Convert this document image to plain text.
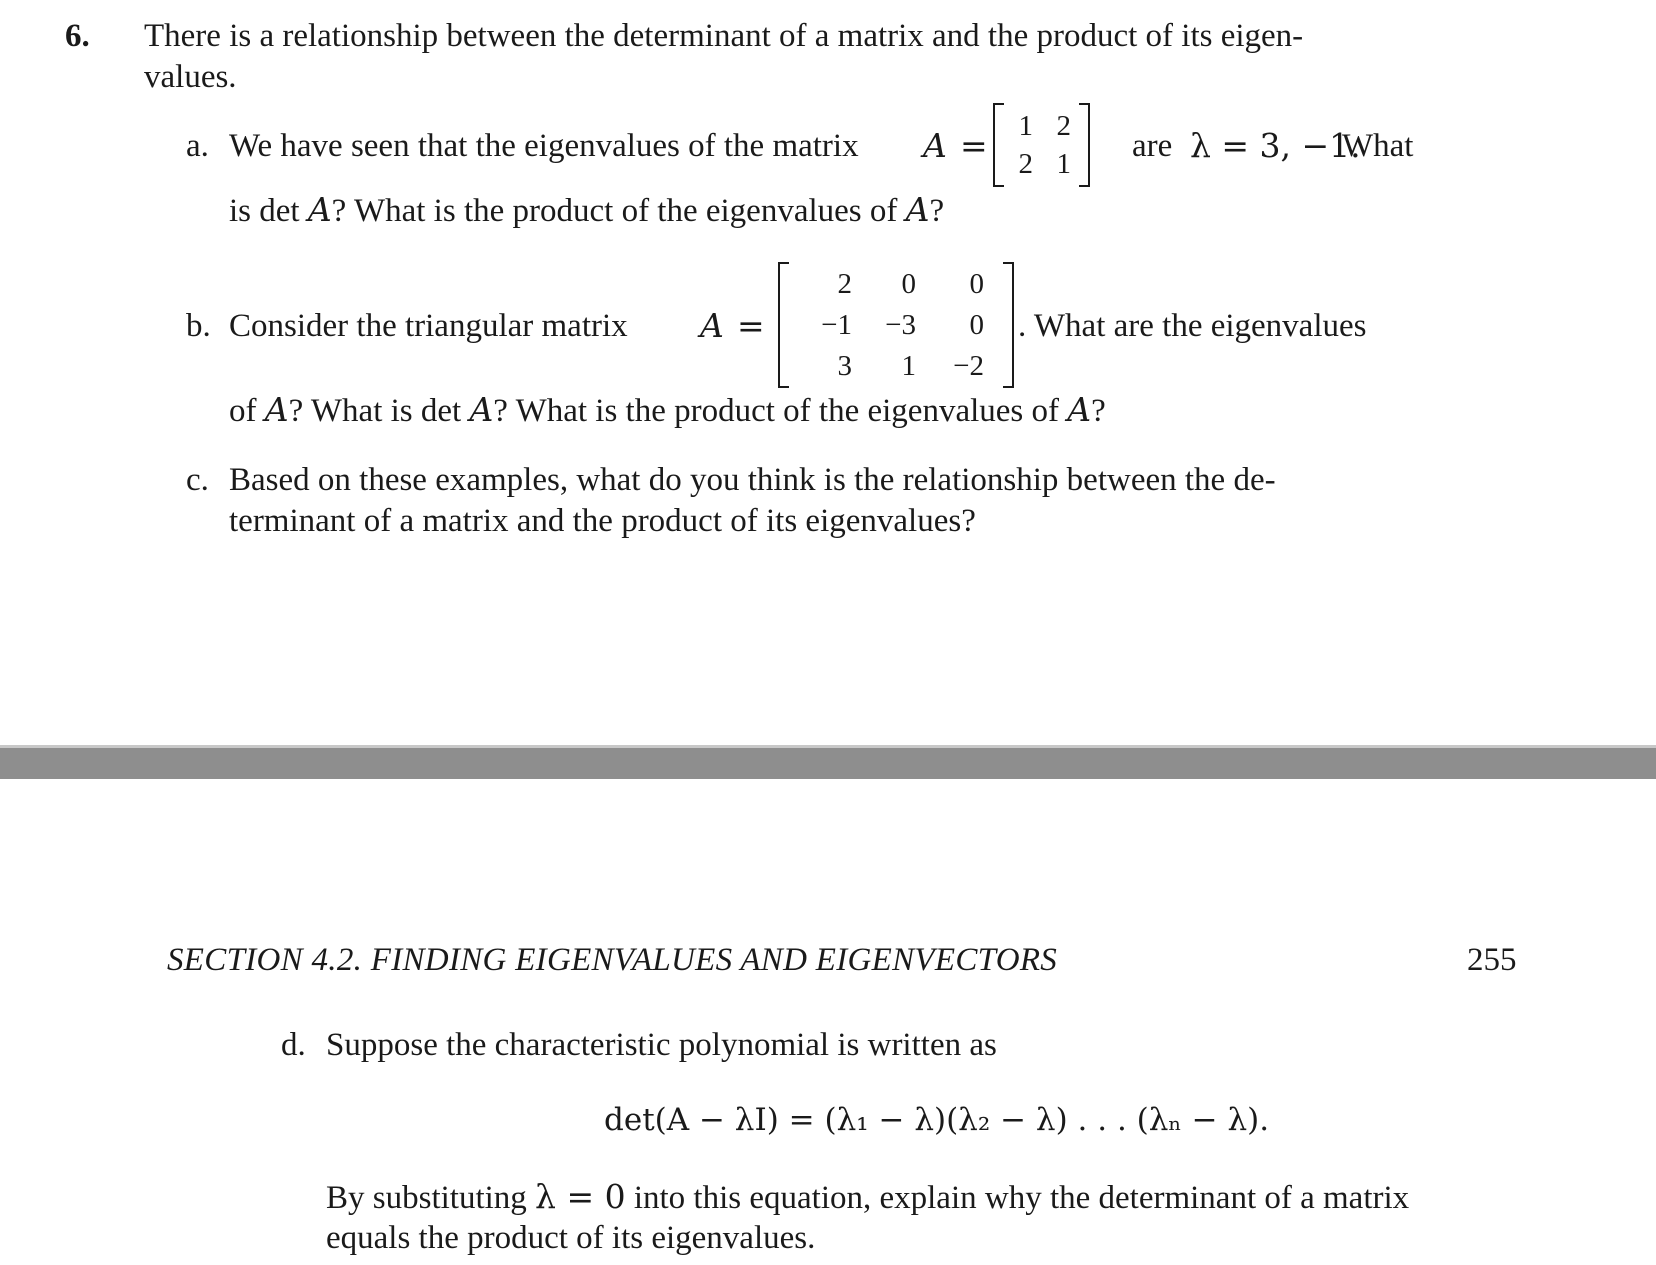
6. There is a relationship between the determinant of a matrix and the product of its eigen-
values.
a. We have seen that the eigenvalues of the matrix A =	1 2
2 1 are λ = 3, −1.
What
is det A? What is the product of the eigenvalues of A?
b. Consider the triangular matrix A =
2	0	0
−1	−3	0
3	1	−2
. What are the eigenvalues
of A? What is det A? What is the product of the eigenvalues of A?
c. Based on these examples, what do you think is the relationship between the de-
terminant of a matrix and the product of its eigenvalues?
SECTION 4.2. FINDING EIGENVALUES AND EIGENVECTORS	255
d. Suppose the characteristic polynomial is written as
det(A − λI) = (λ₁ − λ)(λ₂ − λ) . . . (λₙ − λ).
By substituting λ = 0 into this equation, explain why the determinant of a matrix
equals the product of its eigenvalues.
